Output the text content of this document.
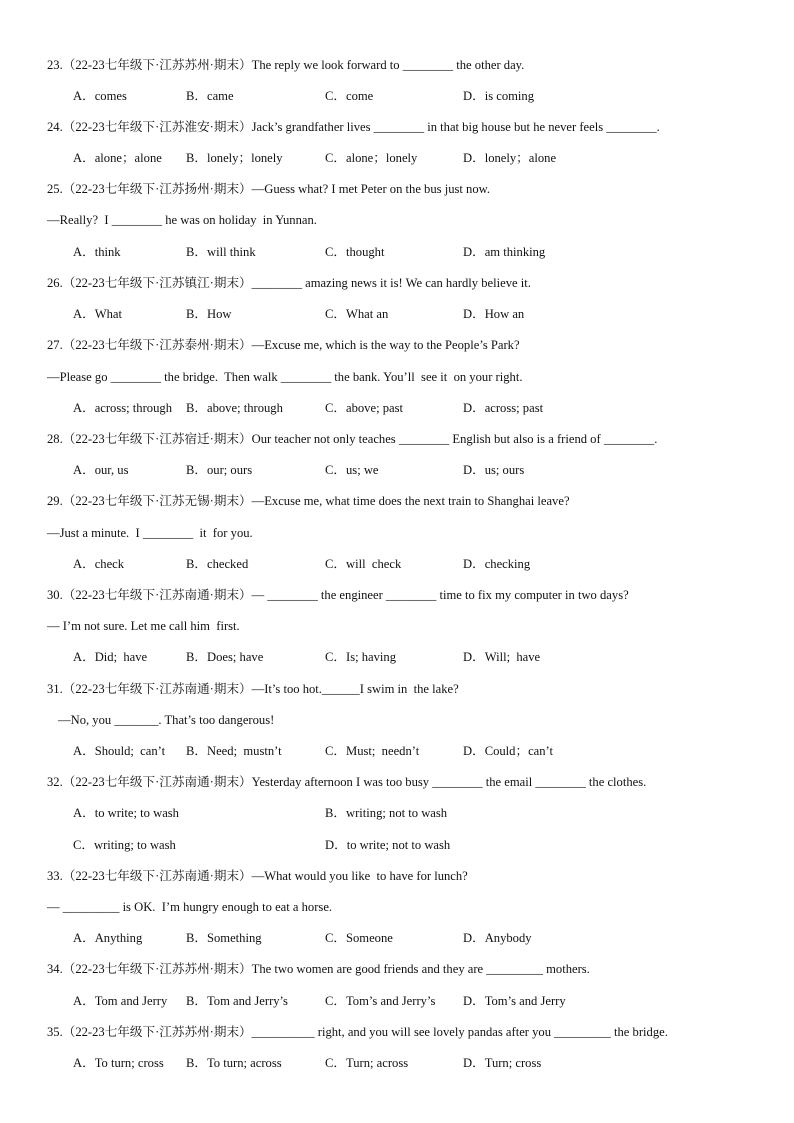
23.（22-23七年级下·江苏苏州·期末）The reply we look forward to ________ the other day.
A．comes	B．came	C．come	D．is coming
24.（22-23七年级下·江苏淮安·期末）Jack’s grandfather lives ________ in that big house but he never feels ________.
A．alone；alone B．lonely；lonely	C．alone；lonely	D．lonely；alone
25.（22-23七年级下·江苏扬州·期末）—Guess what? I met Peter on the bus just now.
—Really?  I ________ he was on holiday  in Yunnan.
A．think	B．will think	C．thought	D．am thinking
26.（22-23七年级下·江苏镇江·期末）________ amazing news it is! We can hardly believe it.
A．What	B．How	C．What an	D．How an
27.（22-23七年级下·江苏泰州·期末）—Excuse me, which is the way to the People’s Park?
—Please go ________ the bridge.  Then walk ________ the bank. You’ll  see it  on your right.
A．across; through B．above; through	C．above; past	D．across; past
28.（22-23七年级下·江苏宿迁·期末）Our teacher not only teaches ________ English but also is a friend of ________.
A．our, us	B．our; ours	C．us; we	D．us; ours
29.（22-23七年级下·江苏无锡·期末）—Excuse me, what time does the next train to Shanghai leave?
—Just a minute.  I ________  it  for you.
A．check	B．checked	C．will  check	D．checking
30.（22-23七年级下·江苏南通·期末）— ________ the engineer ________ time to fix my computer in two days?
— I’m not sure. Let me call him  first.
A．Did;  have	B．Does; have	C．Is; having	D．Will;  have
31.（22-23七年级下·江苏南通·期末）—It’s too hot.______I swim in  the lake?
—No, you _______. That’s too dangerous!
A．Should;  can’t B．Need;  mustn’t	C．Must;  needn’t	D．Could；can’t
32.（22-23七年级下·江苏南通·期末）Yesterday afternoon I was too busy ________ the email ________ the clothes.
A．to write; to wash	B．writing; not to wash
C．writing; to wash	D．to write; not to wash
33.（22-23七年级下·江苏南通·期末）—What would you like  to have for lunch?
— _________ is OK.  I’m hungry enough to eat a horse.
A．Anything	B．Something	C．Someone	D．Anybody
34.（22-23七年级下·江苏苏州·期末）The two women are good friends and they are _________ mothers.
A．Tom and Jerry B．Tom and Jerry’s	C．Tom’s and Jerry’s D．Tom’s and Jerry
35.（22-23七年级下·江苏苏州·期末）__________ right, and you will see lovely pandas after you _________ the bridge.
A．To turn; cross B．To turn; across	C．Turn; across	D．Turn; cross
